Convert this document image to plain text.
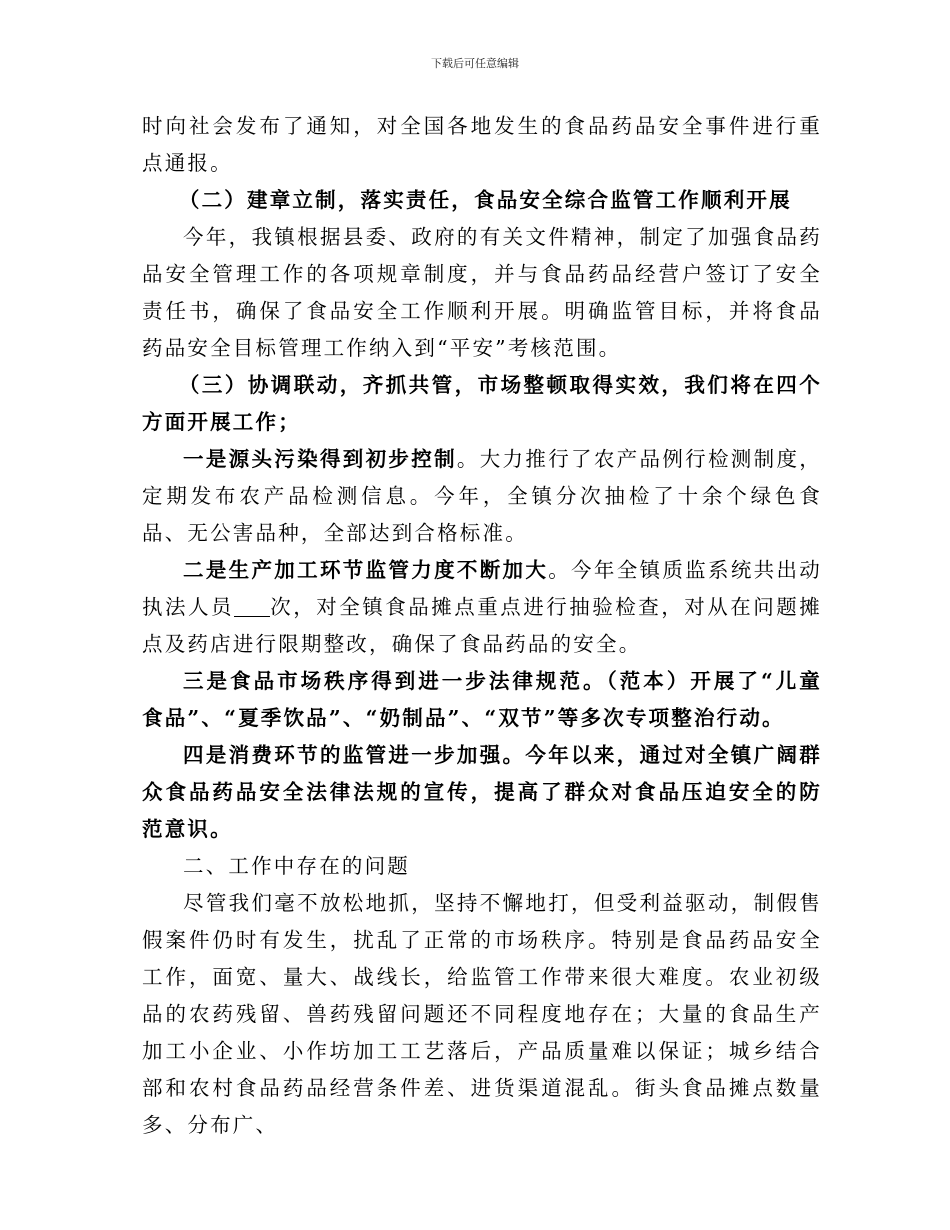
下载后可任意编辑

时向社会发布了通知，对全国各地发生的食品药品安全事件进行重点通报。

（二）建章立制，落实责任，食品安全综合监管工作顺利开展

今年，我镇根据县委、政府的有关文件精神，制定了加强食品药品安全管理工作的各项规章制度，并与食品药品经营户签订了安全责任书，确保了食品安全工作顺利开展。明确监管目标，并将食品药品安全目标管理工作纳入到“平安”考核范围。

（三）协调联动，齐抓共管，市场整顿取得实效，我们将在四个方面开展工作；

一是源头污染得到初步控制。大力推行了农产品例行检测制度，定期发布农产品检测信息。今年，全镇分次抽检了十余个绿色食品、无公害品种，全部达到合格标准。

二是生产加工环节监管力度不断加大。今年全镇质监系统共出动执法人员 次，对全镇食品摊点重点进行抽验检查，对从在问题摊点及药店进行限期整改，确保了食品药品的安全。

三是食品市场秩序得到进一步法律规范。（范本）开展了“儿童食品”、“夏季饮品”、“奶制品”、“双节”等多次专项整治行动。

四是消费环节的监管进一步加强。今年以来，通过对全镇广阔群众食品药品安全法律法规的宣传，提高了群众对食品压迫安全的防范意识。

二、工作中存在的问题

尽管我们毫不放松地抓，坚持不懈地打，但受利益驱动，制假售假案件仍时有发生，扰乱了正常的市场秩序。特别是食品药品安全工作，面宽、量大、战线长，给监管工作带来很大难度。农业初级品的农药残留、兽药残留问题还不同程度地存在；大量的食品生产加工小企业、小作坊加工工艺落后，产品质量难以保证；城乡结合部和农村食品药品经营条件差、进货渠道混乱。街头食品摊点数量多、分布广、
